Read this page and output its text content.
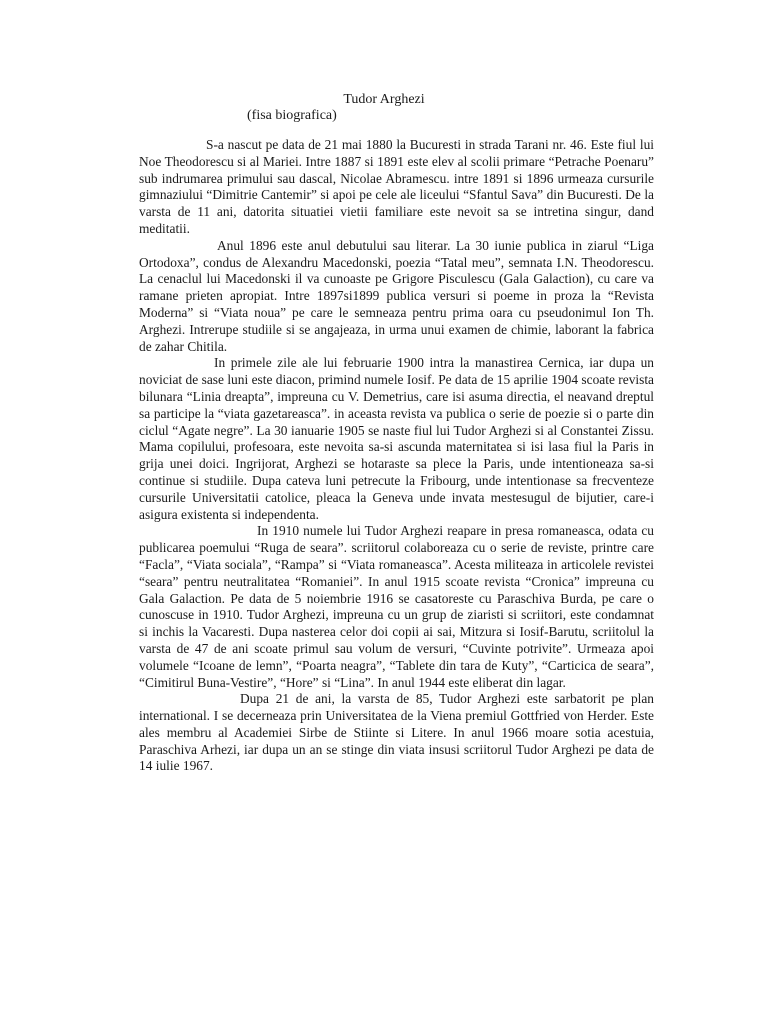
Tudor Arghezi
(fisa biografica)

S-a nascut pe data de 21 mai 1880 la Bucuresti in strada Tarani nr. 46. Este fiul lui Noe Theodorescu si al Mariei. Intre 1887 si 1891 este elev al scolii primare “Petrache Poenaru” sub indrumarea primului sau dascal, Nicolae Abramescu. intre 1891 si 1896 urmeaza cursurile gimnaziului “Dimitrie Cantemir” si apoi pe cele ale liceului “Sfantul Sava” din Bucuresti. De la varsta de 11 ani, datorita situatiei vietii familiare este nevoit sa se intretina singur, dand meditatii.

Anul 1896 este anul debutului sau literar. La 30 iunie publica in ziarul “Liga Ortodoxa”, condus de Alexandru Macedonski, poezia “Tatal meu”, semnata I.N. Theodorescu. La cenaclul lui Macedonski il va cunoaste pe Grigore Pisculescu (Gala Galaction), cu care va ramane prieten apropiat. Intre 1897si1899 publica versuri si poeme in proza la “Revista Moderna” si “Viata noua” pe care le semneaza pentru prima oara cu pseudonimul Ion Th. Arghezi. Intrerupe studiile si se angajeaza, in urma unui examen de chimie, laborant la fabrica de zahar Chitila.

In primele zile ale lui februarie 1900 intra la manastirea Cernica, iar dupa un noviciat de sase luni este diacon, primind numele Iosif. Pe data de 15 aprilie 1904 scoate revista bilunara “Linia dreapta”, impreuna cu V. Demetrius, care isi asuma directia, el neavand dreptul sa participe la “viata gazetareasca”. in aceasta revista va publica o serie de poezie si o parte din ciclul “Agate negre”. La 30 ianuarie 1905 se naste fiul lui Tudor Arghezi si al Constantei Zissu. Mama copilului, profesoara, este nevoita sa-si ascunda maternitatea si isi lasa fiul la Paris in grija unei doici. Ingrijorat, Arghezi se hotaraste sa plece la Paris, unde intentioneaza sa-si continue si studiile. Dupa cateva luni petrecute la Fribourg, unde intentionase sa frecventeze cursurile Universitatii catolice, pleaca la Geneva unde invata mestesugul de bijutier, care-i asigura existenta si independenta.

In 1910 numele lui Tudor Arghezi reapare in presa romaneasca, odata cu publicarea poemului “Ruga de seara”. scriitorul colaboreaza cu o serie de reviste, printre care “Facla”, “Viata sociala”, “Rampa” si “Viata romaneasca”. Acesta militeaza in articolele revistei “seara” pentru neutralitatea “Romaniei”. In anul 1915 scoate revista “Cronica” impreuna cu Gala Galaction. Pe data de 5 noiembrie 1916 se casatoreste cu Paraschiva Burda, pe care o cunoscuse in 1910. Tudor Arghezi, impreuna cu un grup de ziaristi si scriitori, este condamnat si inchis la Vacaresti. Dupa nasterea celor doi copii ai sai, Mitzura si Iosif-Barutu, scriitolul la varsta de 47 de ani scoate primul sau volum de versuri, “Cuvinte potrivite”. Urmeaza apoi volumele “Icoane de lemn”, “Poarta neagra”, “Tablete din tara de Kuty”, “Carticica de seara”, “Cimitirul Buna-Vestire”, “Hore” si “Lina”. In anul 1944 este eliberat din lagar.

Dupa 21 de ani, la varsta de 85, Tudor Arghezi este sarbatorit pe plan international. I se decerneaza prin Universitatea de la Viena premiul Gottfried von Herder. Este ales membru al Academiei Sirbe de Stiinte si Litere. In anul 1966 moare sotia acestuia, Paraschiva Arhezi, iar dupa un an se stinge din viata insusi scriitorul Tudor Arghezi pe data de 14 iulie 1967.
